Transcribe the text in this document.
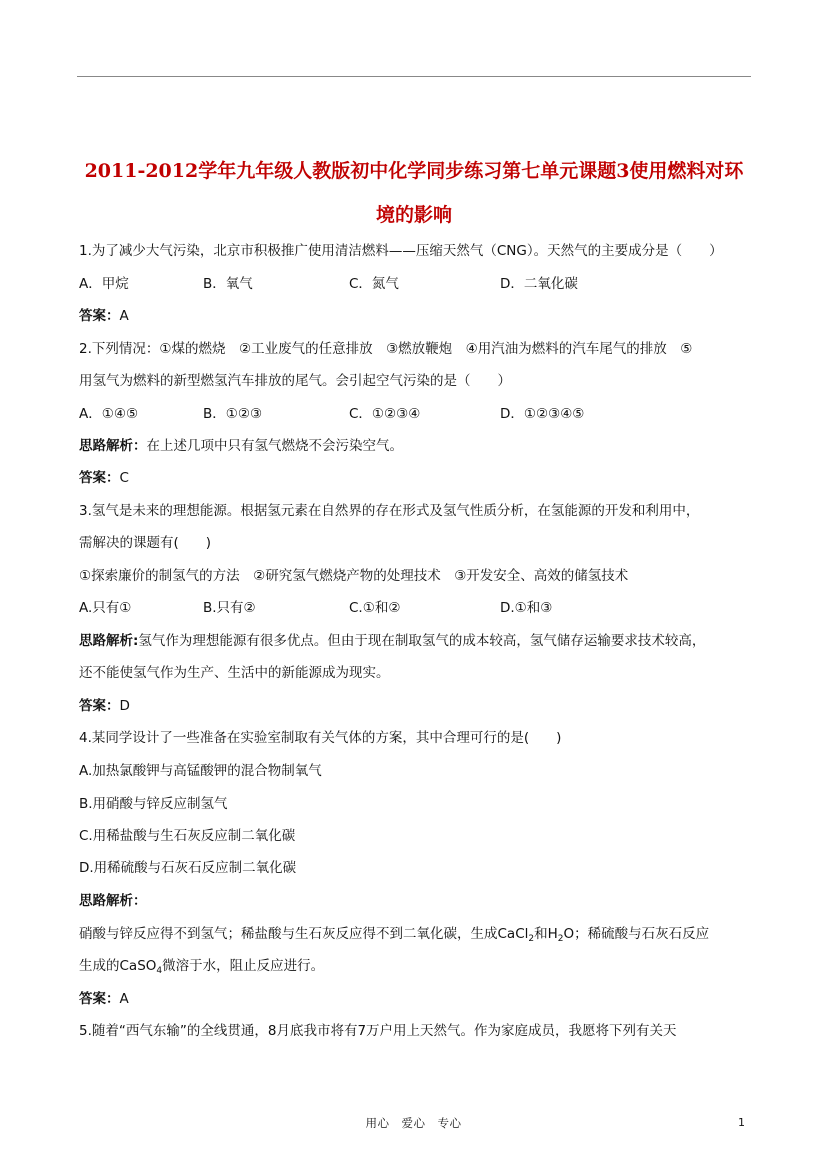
2011-2012学年九年级人教版初中化学同步练习第七单元课题3使用燃料对环
境的影响
1.为了减少大气污染，北京市积极推广使用清洁燃料——压缩天然气（CNG）。天然气的主要成分是（　　）
A．甲烷	B．氧气	C．氮气	D．二氧化碳
答案：A
2.下列情况：①煤的燃烧　②工业废气的任意排放　③燃放鞭炮　④用汽油为燃料的汽车尾气的排放　⑤
用氢气为燃料的新型燃氢汽车排放的尾气。会引起空气污染的是（　　）
A．①④⑤	B．①②③	C．①②③④	D．①②③④⑤
思路解析：在上述几项中只有氢气燃烧不会污染空气。
答案：C
3.氢气是未来的理想能源。根据氢元素在自然界的存在形式及氢气性质分析，在氢能源的开发和利用中，
需解决的课题有(　　)
①探索廉价的制氢气的方法　②研究氢气燃烧产物的处理技术　③开发安全、高效的储氢技术
A.只有①	B.只有②	C.①和②	D.①和③
思路解析:氢气作为理想能源有很多优点。但由于现在制取氢气的成本较高，氢气储存运输要求技术较高，
还不能使氢气作为生产、生活中的新能源成为现实。
答案：D
4.某同学设计了一些准备在实验室制取有关气体的方案，其中合理可行的是(　　)
A.加热氯酸钾与高锰酸钾的混合物制氧气
B.用硝酸与锌反应制氢气
C.用稀盐酸与生石灰反应制二氧化碳
D.用稀硫酸与石灰石反应制二氧化碳
思路解析：
硝酸与锌反应得不到氢气；稀盐酸与生石灰反应得不到二氧化碳，生成CaCl$_2$和$H_2O$；稀硫酸与石灰石反应
生成的CaSO$_4$微溶于水，阻止反应进行。
答案：A
5.随着“西气东输”的全线贯通，8月底我市将有7万户用上天然气。作为家庭成员，我愿将下列有关天
用心　爱心　专心	1
